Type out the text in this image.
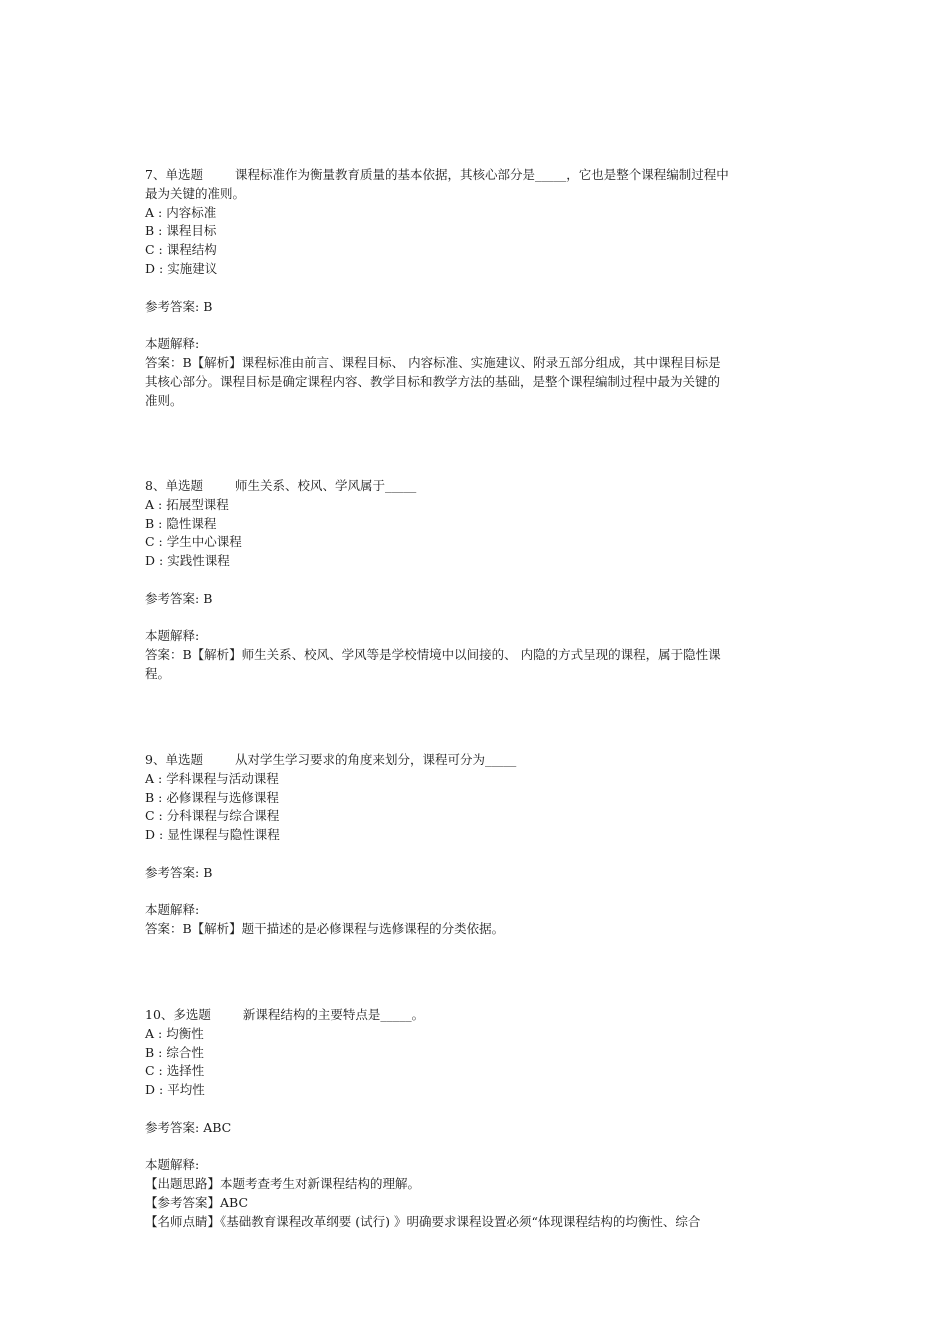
7、单选题	课程标准作为衡量教育质量的基本依据，其核心部分是_____，它也是整个课程编制过程中

最为关键的准则。

A : 内容标准

B : 课程目标

C : 课程结构

D : 实施建议

参考答案: B

本题解释:

答案：B【解析】课程标准由前言、课程目标、 内容标准、实施建议、附录五部分组成，其中课程目标是

其核心部分。课程目标是确定课程内容、教学目标和教学方法的基础，是整个课程编制过程中最为关键的

准则。

8、单选题	师生关系、校风、学风属于_____

A : 拓展型课程

B : 隐性课程

C : 学生中心课程

D : 实践性课程

参考答案: B

本题解释:

答案：B【解析】师生关系、校风、学风等是学校情境中以间接的、 内隐的方式呈现的课程，属于隐性课

程。

9、单选题	从对学生学习要求的角度来划分，课程可分为_____

A : 学科课程与活动课程

B : 必修课程与选修课程

C : 分科课程与综合课程

D : 显性课程与隐性课程

参考答案: B

本题解释:

答案：B【解析】题干描述的是必修课程与选修课程的分类依据。

10、多选题	新课程结构的主要特点是_____。

A : 均衡性

B : 综合性

C : 选择性

D : 平均性

参考答案: ABC

本题解释:

【出题思路】本题考查考生对新课程结构的理解。

【参考答案】ABC

【名师点睛】《基础教育课程改革纲要 (试行) 》明确要求课程设置必须“体现课程结构的均衡性、综合
